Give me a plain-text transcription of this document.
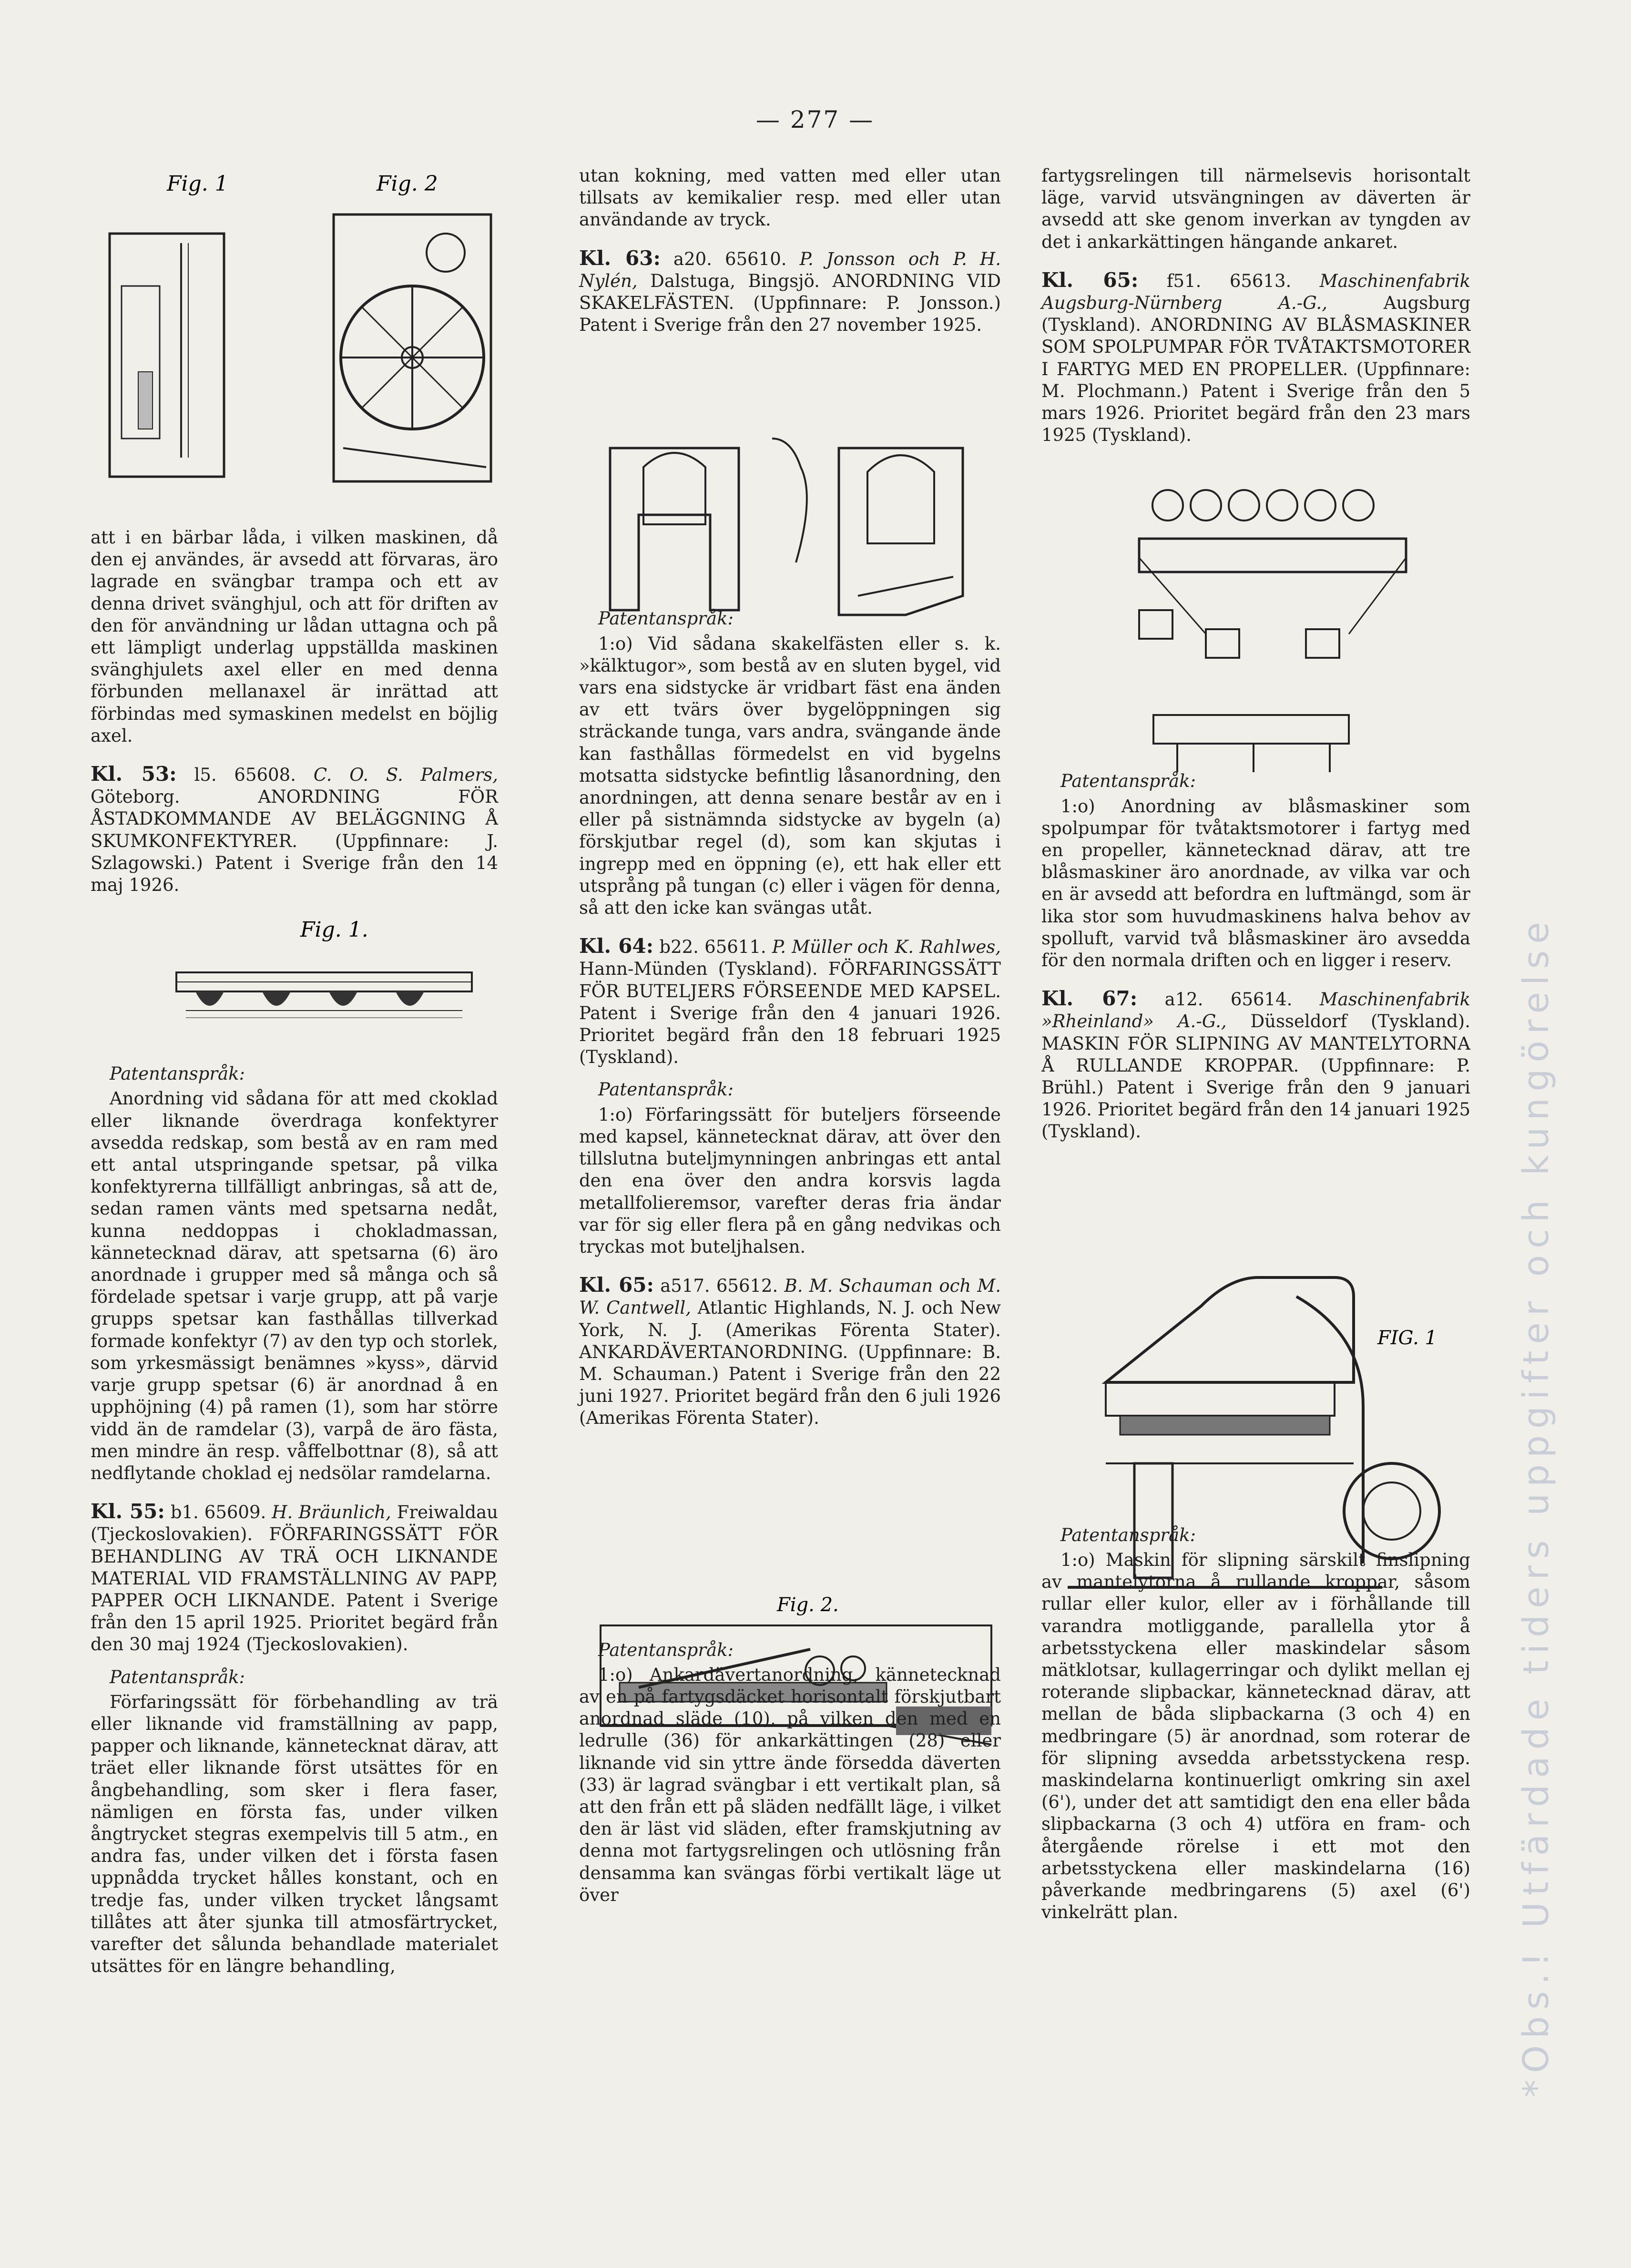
— 277 —
Fig. 1	Fig. 2
Fig. 1.
Fig. 2.
FIG. 1

att i en bärbar låda, i vilken maskinen, då den ej användes, är avsedd att förvaras, äro lagrade en svängbar trampa och ett av denna drivet svänghjul, och att för driften av den för användning ur lådan uttagna och på ett lämpligt underlag uppställda maskinen svänghjulets axel eller en med denna förbunden mellanaxel är inrättad att förbindas med symaskinen medelst en böjlig axel.

Kl. 53: l5. 65608. C. O. S. Palmers, Göteborg. ANORDNING FÖR ÅSTADKOMMANDE AV BELÄGGNING Å SKUMKONFEKTYRER. (Uppfinnare: J. Szlagowski.) Patent i Sverige från den 14 maj 1926.

Patentanspråk:

Anordning vid sådana för att med ckoklad eller liknande överdraga konfektyrer avsedda redskap, som bestå av en ram med ett antal utspringande spetsar, på vilka konfektyrerna tillfälligt anbringas, så att de, sedan ramen vänts med spetsarna nedåt, kunna neddoppas i chokladmassan, kännetecknad därav, att spetsarna (6) äro anordnade i grupper med så många och så fördelade spetsar i varje grupp, att på varje grupps spetsar kan fasthållas tillverkad formade konfektyr (7) av den typ och storlek, som yrkesmässigt benämnes »kyss», därvid varje grupp spetsar (6) är anordnad å en upphöjning (4) på ramen (1), som har större vidd än de ramdelar (3), varpå de äro fästa, men mindre än resp. våffelbottnar (8), så att nedflytande choklad ej nedsölar ramdelarna.

Kl. 55: b1. 65609. H. Bräunlich, Freiwaldau (Tjeckoslovakien). FÖRFARINGSSÄTT FÖR BEHANDLING AV TRÄ OCH LIKNANDE MATERIAL VID FRAMSTÄLLNING AV PAPP, PAPPER OCH LIKNANDE. Patent i Sverige från den 15 april 1925. Prioritet begärd från den 30 maj 1924 (Tjeckoslovakien).

Patentanspråk:

Förfaringssätt för förbehandling av trä eller liknande vid framställning av papp, papper och liknande, kännetecknat därav, att träet eller liknande först utsättes för en ångbehandling, som sker i flera faser, nämligen en första fas, under vilken ångtrycket stegras exempelvis till 5 atm., en andra fas, under vilken det i första fasen uppnådda trycket hålles konstant, och en tredje fas, under vilken trycket långsamt tillåtes att åter sjunka till atmosfärtrycket, varefter det sålunda behandlade materialet utsättes för en längre behandling,

utan kokning, med vatten med eller utan tillsats av kemikalier resp. med eller utan användande av tryck.

Kl. 63: a20. 65610. P. Jonsson och P. H. Nylén, Dalstuga, Bingsjö. ANORDNING VID SKAKELFÄSTEN. (Uppfinnare: P. Jonsson.) Patent i Sverige från den 27 november 1925.

Patentanspråk:

1:o) Vid sådana skakelfästen eller s. k. »kälktugor», som bestå av en sluten bygel, vid vars ena sidstycke är vridbart fäst ena änden av ett tvärs över bygelöppningen sig sträckande tunga, vars andra, svängande ände kan fasthållas förmedelst en vid bygelns motsatta sidstycke befintlig låsanordning, den anordningen, att denna senare består av en i eller på sistnämnda sidstycke av bygeln (a) förskjutbar regel (d), som kan skjutas i ingrepp med en öppning (e), ett hak eller ett utsprång på tungan (c) eller i vägen för denna, så att den icke kan svängas utåt.

Kl. 64: b22. 65611. P. Müller och K. Rahlwes, Hann-Münden (Tyskland). FÖRFARINGSSÄTT FÖR BUTELJERS FÖRSEENDE MED KAPSEL. Patent i Sverige från den 4 januari 1926. Prioritet begärd från den 18 februari 1925 (Tyskland).

Patentanspråk:

1:o) Förfaringssätt för buteljers förseende med kapsel, kännetecknat därav, att över den tillslutna buteljmynningen anbringas ett antal den ena över den andra korsvis lagda metallfolieremsor, varefter deras fria ändar var för sig eller flera på en gång nedvikas och tryckas mot buteljhalsen.

Kl. 65: a517. 65612. B. M. Schauman och M. W. Cantwell, Atlantic Highlands, N. J. och New York, N. J. (Amerikas Förenta Stater). ANKARDÄVERTANORDNING. (Uppfinnare: B. M. Schauman.) Patent i Sverige från den 22 juni 1927. Prioritet begärd från den 6 juli 1926 (Amerikas Förenta Stater).

Patentanspråk:

1:o) Ankardävertanordning, kännetecknad av en på fartygsdäcket horisontalt förskjutbart anordnad släde (10), på vilken den med en ledrulle (36) för ankarkättingen (28) eller liknande vid sin yttre ände försedda däverten (33) är lagrad svängbar i ett vertikalt plan, så att den från ett på släden nedfällt läge, i vilket den är läst vid släden, efter framskjutning av denna mot fartygsrelingen och utlösning från densamma kan svängas förbi vertikalt läge ut över

fartygsrelingen till närmelsevis horisontalt läge, varvid utsvängningen av däverten är avsedd att ske genom inverkan av tyngden av det i ankarkättingen hängande ankaret.

Kl. 65: f51. 65613. Maschinenfabrik Augsburg-Nürnberg A.-G.,	Augsburg (Tyskland). ANORDNING AV BLÅSMASKINER SOM SPOLPUMPAR FÖR TVÅTAKTSMOTORER I FARTYG MED EN PROPELLER. (Uppfinnare: M. Plochmann.) Patent i Sverige från den 5 mars 1926. Prioritet begärd från den 23 mars 1925 (Tyskland).

Patentanspråk:

1:o) Anordning av blåsmaskiner som spolpumpar för tvåtaktsmotorer i fartyg med en propeller, kännetecknad därav, att tre blåsmaskiner äro anordnade, av vilka var och en är avsedd att befordra en luftmängd, som är lika stor som huvudmaskinens halva behov av spolluft, varvid två blåsmaskiner äro avsedda för den normala driften och en ligger i reserv.

Kl. 67: a12. 65614. Maschinenfabrik »Rheinland» A.-G., Düsseldorf (Tyskland). MASKIN FÖR SLIPNING AV MANTELYTORNA Å RULLANDE KROPPAR. (Uppfinnare: P. Brühl.) Patent i Sverige från den 9 januari 1926. Prioritet begärd från den 14 januari 1925 (Tyskland).

Patentanspråk:

1:o) Maskin för slipning särskilt finslipning av mantelytorna å rullande kroppar, såsom rullar eller kulor, eller av i förhållande till varandra motliggande, parallella ytor å arbetsstyckena eller maskindelar såsom mätklotsar, kullagerringar och dylikt mellan ej roterande slipbackar, kännetecknad därav, att mellan de båda slipbackarna (3 och 4) en medbringare (5) är anordnad, som roterar de för slipning avsedda arbetsstyckena resp. maskindelarna kontinuerligt omkring sin axel (6'), under det att samtidigt den ena eller båda slipbackarna (3 och 4) utföra en fram- och återgående rörelse i ett mot den arbetsstyckena eller maskindelarna (16) påverkande medbringarens (5) axel (6') vinkelrätt plan.	*Obs.! Utfärdade tiders uppgifter och kungörelse
